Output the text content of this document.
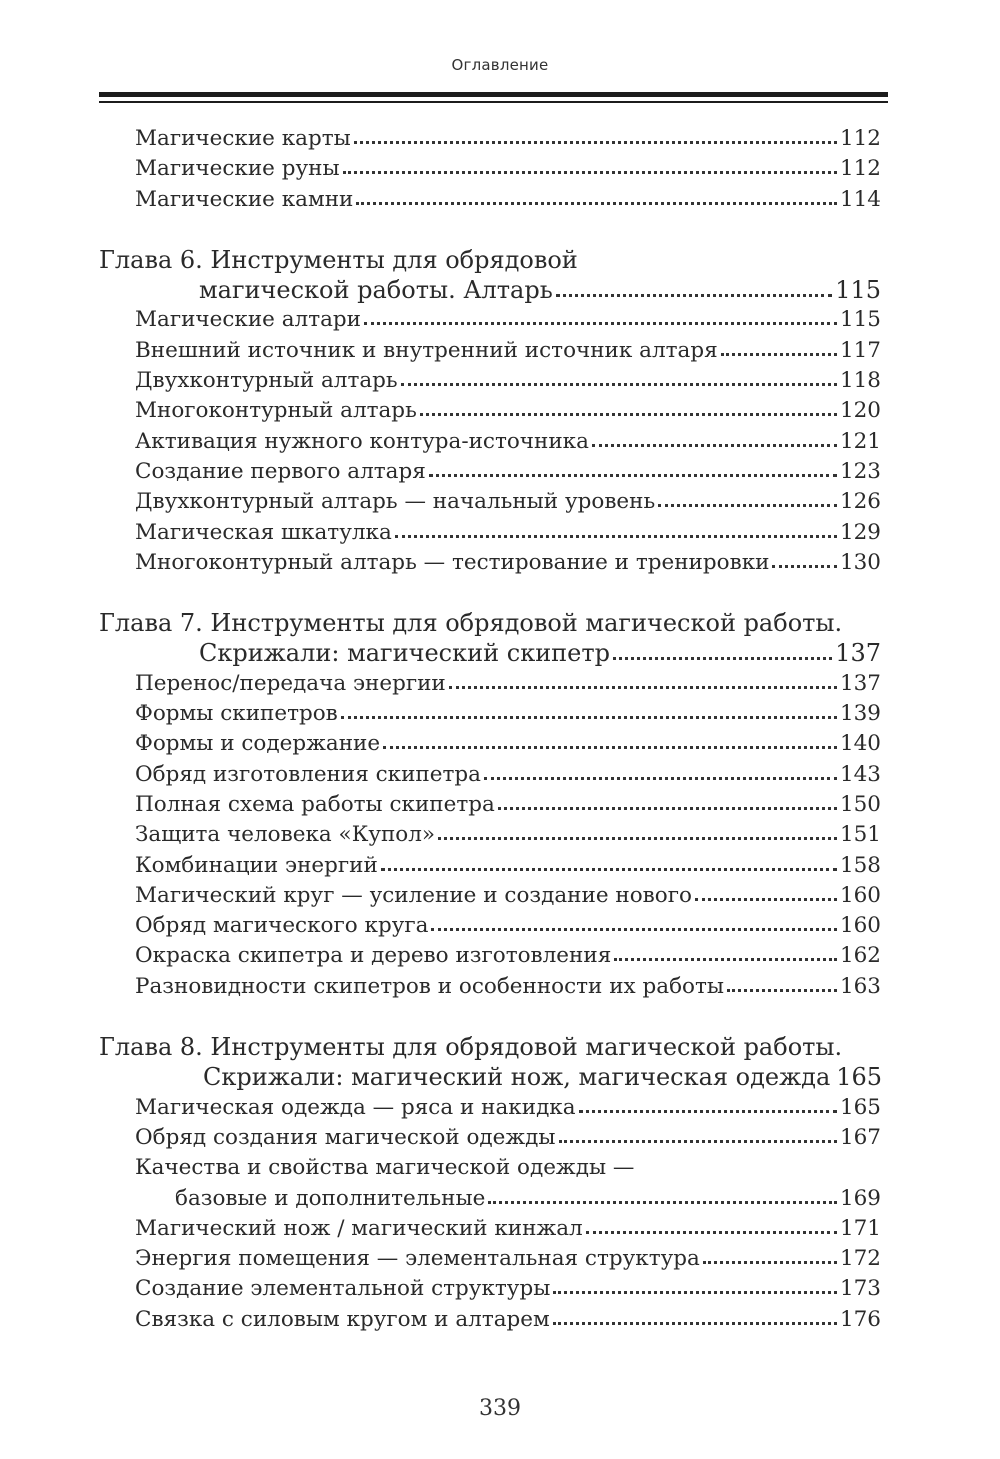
Оглавление
Магические карты	112
Магические руны	112
Магические камни	114
Глава 6. Инструменты для обрядовой
магической работы. Алтарь	115
Магические алтари	115
Внешний источник и внутренний источник алтаря	117
Двухконтурный алтарь	118
Многоконтурный алтарь	120
Активация нужного контура-источника	121
Создание первого алтаря	123
Двухконтурный алтарь — начальный уровень	126
Магическая шкатулка	129
Многоконтурный алтарь — тестирование и тренировки	130
Глава 7. Инструменты для обрядовой магической работы.
Скрижали: магический скипетр	137
Перенос/передача энергии	137
Формы скипетров	139
Формы и содержание	140
Обряд изготовления скипетра	143
Полная схема работы скипетра	150
Защита человека «Купол»	151
Комбинации энергий	158
Магический круг — усиление и создание нового	160
Обряд магического круга	160
Окраска скипетра и дерево изготовления	162
Разновидности скипетров и особенности их работы	163
Глава 8. Инструменты для обрядовой магической работы.
Скрижали: магический нож, магическая одежда 165
Магическая одежда — ряса и накидка	165
Обряд создания магической одежды	167
Качества и свойства магической одежды —
базовые и дополнительные	169
Магический нож / магический кинжал	171
Энергия помещения — элементальная структура	172
Создание элементальной структуры	173
Связка с силовым кругом и алтарем	176
339
